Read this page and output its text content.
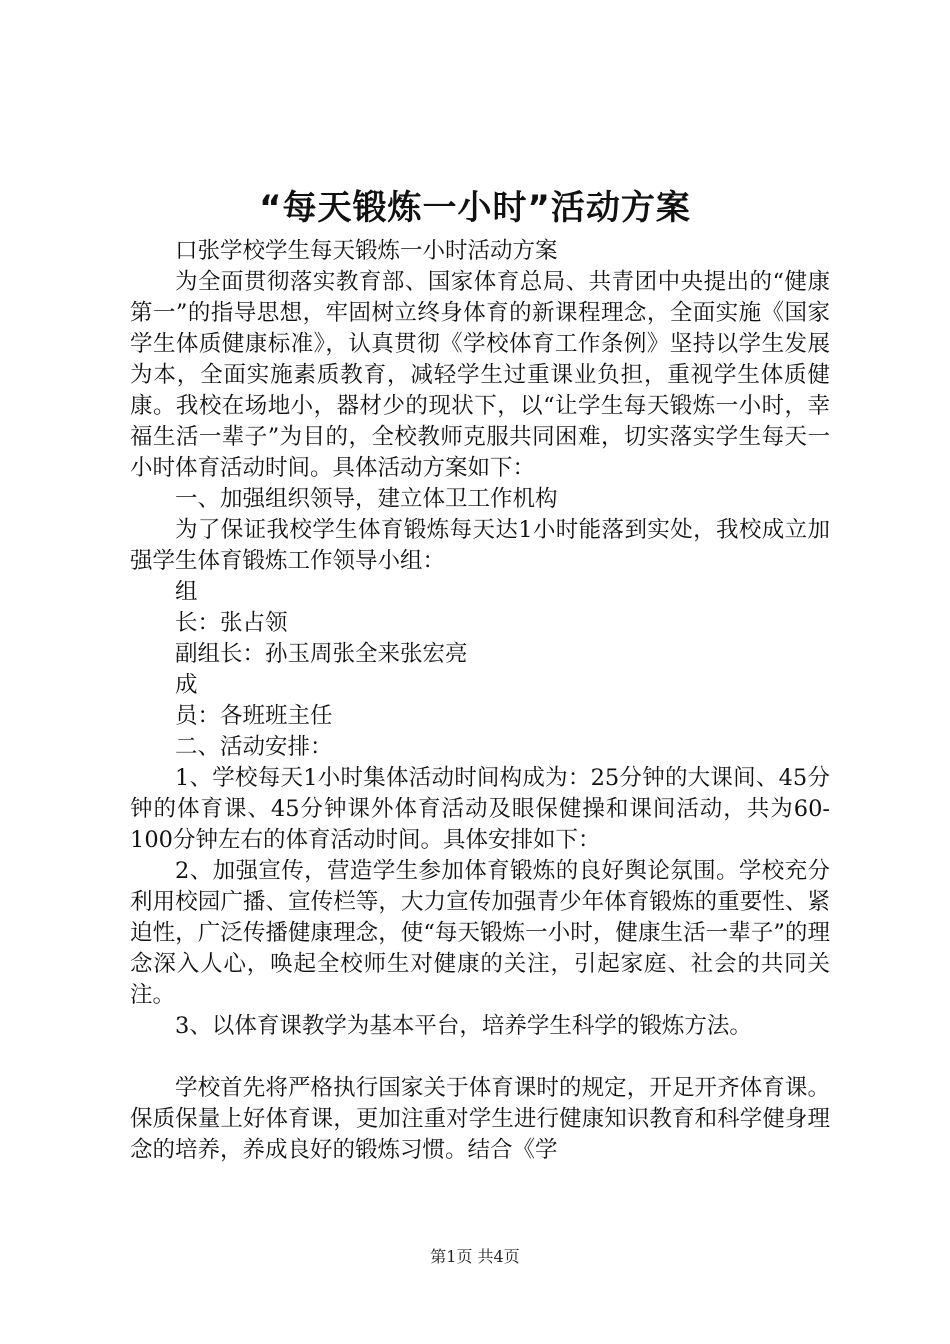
“每天锻炼一小时”活动方案

口张学校学生每天锻炼一小时活动方案

为全面贯彻落实教育部、国家体育总局、共青团中央提出的“健康第一”的指导思想，牢固树立终身体育的新课程理念，全面实施《国家学生体质健康标准》，认真贯彻《学校体育工作条例》坚持以学生发展为本，全面实施素质教育，减轻学生过重课业负担，重视学生体质健康。我校在场地小，器材少的现状下，以“让学生每天锻炼一小时，幸福生活一辈子”为目的，全校教师克服共同困难，切实落实学生每天一小时体育活动时间。具体活动方案如下：

一、加强组织领导，建立体卫工作机构

为了保证我校学生体育锻炼每天达1小时能落到实处，我校成立加强学生体育锻炼工作领导小组：

组

长：张占领

副组长：孙玉周张全来张宏亮

成

员：各班班主任

二、活动安排：

1、学校每天1小时集体活动时间构成为：25分钟的大课间、45分钟的体育课、45分钟课外体育活动及眼保健操和课间活动，共为60-100分钟左右的体育活动时间。具体安排如下：

2、加强宣传，营造学生参加体育锻炼的良好舆论氛围。学校充分利用校园广播、宣传栏等，大力宣传加强青少年体育锻炼的重要性、紧迫性，广泛传播健康理念，使“每天锻炼一小时，健康生活一辈子”的理念深入人心，唤起全校师生对健康的关注，引起家庭、社会的共同关注。

3、以体育课教学为基本平台，培养学生科学的锻炼方法。

学校首先将严格执行国家关于体育课时的规定，开足开齐体育课。保质保量上好体育课，更加注重对学生进行健康知识教育和科学健身理念的培养，养成良好的锻炼习惯。结合《学

第1页 共4页
